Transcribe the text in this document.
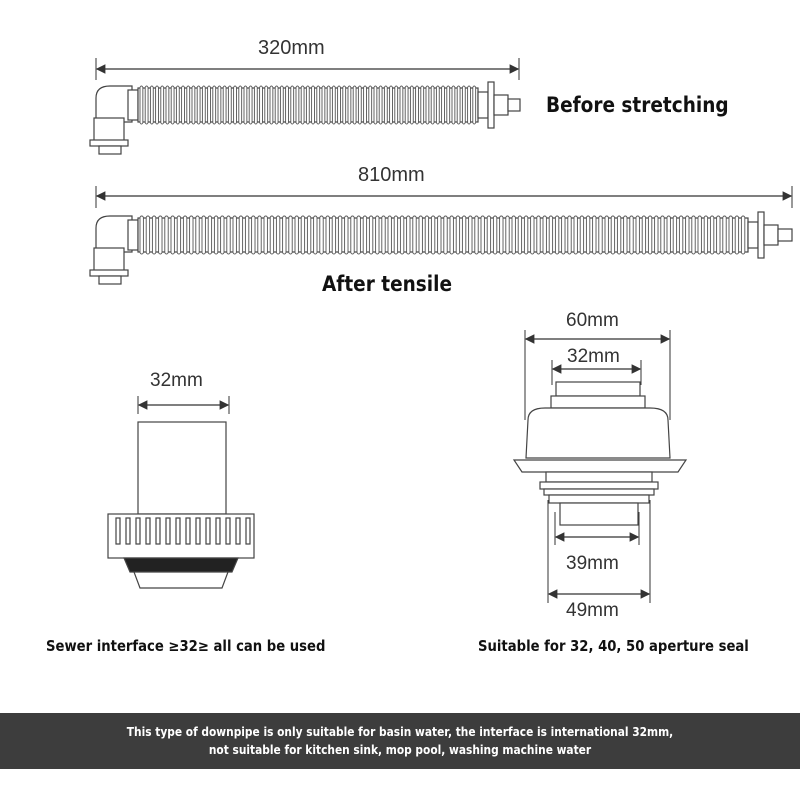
320mm
Before stretching
810mm
After tensile
32mm
Sewer interface ≥32≥ all can be used
60mm
32mm
39mm
49mm
Suitable for 32, 40, 50 aperture seal
This type of downpipe is only suitable for basin water, the interface is international 32mm,
not suitable for kitchen sink, mop pool, washing machine water
